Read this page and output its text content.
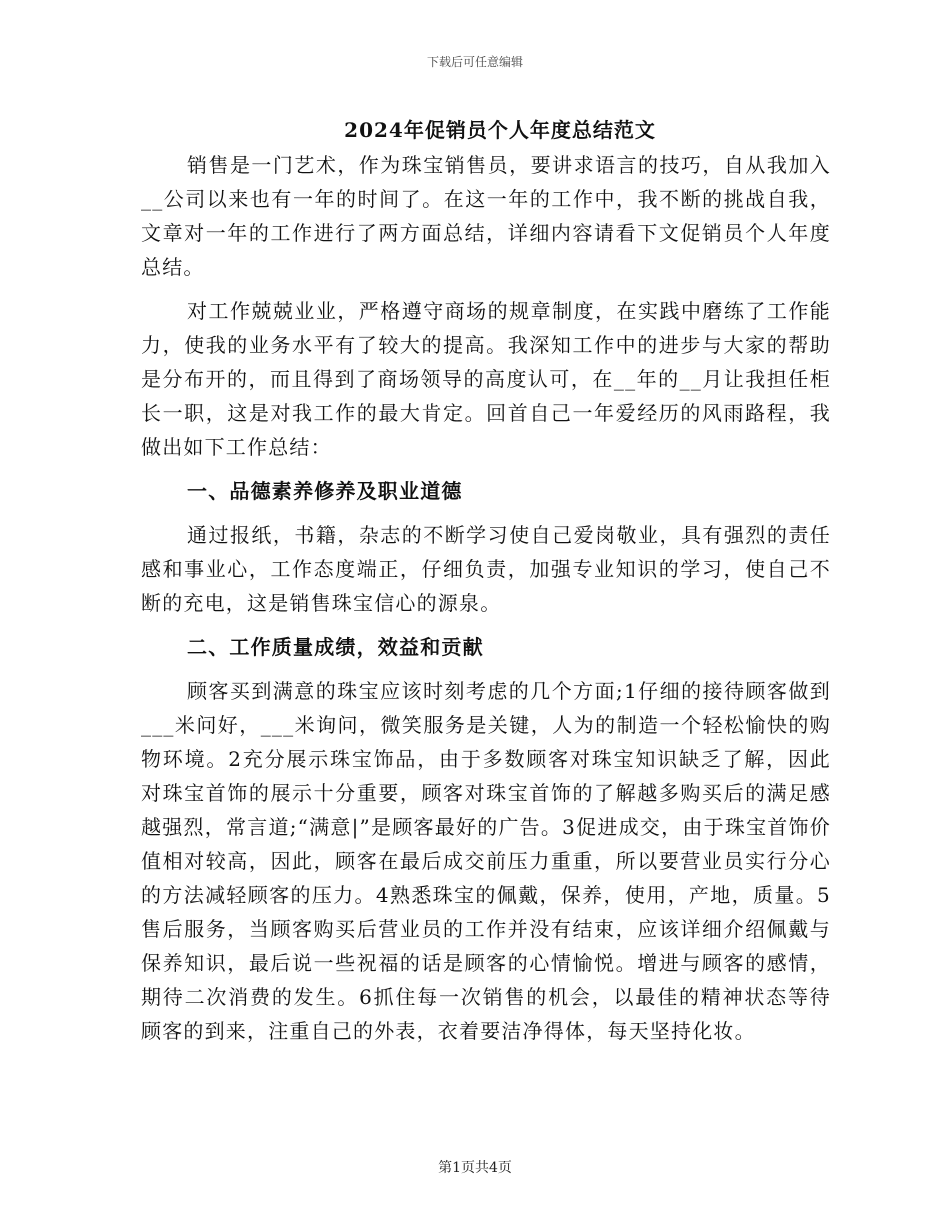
下载后可任意编辑
2024年促销员个人年度总结范文

销售是一门艺术，作为珠宝销售员，要讲求语言的技巧，自从我加入__公司以来也有一年的时间了。在这一年的工作中，我不断的挑战自我，文章对一年的工作进行了两方面总结，详细内容请看下文促销员个人年度总结。

对工作兢兢业业，严格遵守商场的规章制度，在实践中磨练了工作能力，使我的业务水平有了较大的提高。我深知工作中的进步与大家的帮助是分布开的，而且得到了商场领导的高度认可，在__年的__月让我担任柜长一职，这是对我工作的最大肯定。回首自己一年爱经历的风雨路程，我做出如下工作总结：

一、品德素养修养及职业道德

通过报纸，书籍，杂志的不断学习使自己爱岗敬业，具有强烈的责任感和事业心，工作态度端正，仔细负责，加强专业知识的学习，使自己不断的充电，这是销售珠宝信心的源泉。

二、工作质量成绩，效益和贡献

顾客买到满意的珠宝应该时刻考虑的几个方面;1仔细的接待顾客做到___米问好，___米询问，微笑服务是关键，人为的制造一个轻松愉快的购物环境。2充分展示珠宝饰品，由于多数顾客对珠宝知识缺乏了解，因此对珠宝首饰的展示十分重要，顾客对珠宝首饰的了解越多购买后的满足感越强烈，常言道;“满意|”是顾客最好的广告。3促进成交，由于珠宝首饰价值相对较高，因此，顾客在最后成交前压力重重，所以要营业员实行分心的方法减轻顾客的压力。4熟悉珠宝的佩戴，保养，使用，产地，质量。5售后服务，当顾客购买后营业员的工作并没有结束，应该详细介绍佩戴与保养知识，最后说一些祝福的话是顾客的心情愉悦。增进与顾客的感情，期待二次消费的发生。6抓住每一次销售的机会，以最佳的精神状态等待顾客的到来，注重自己的外表，衣着要洁净得体，每天坚持化妆。

第1页共4页
